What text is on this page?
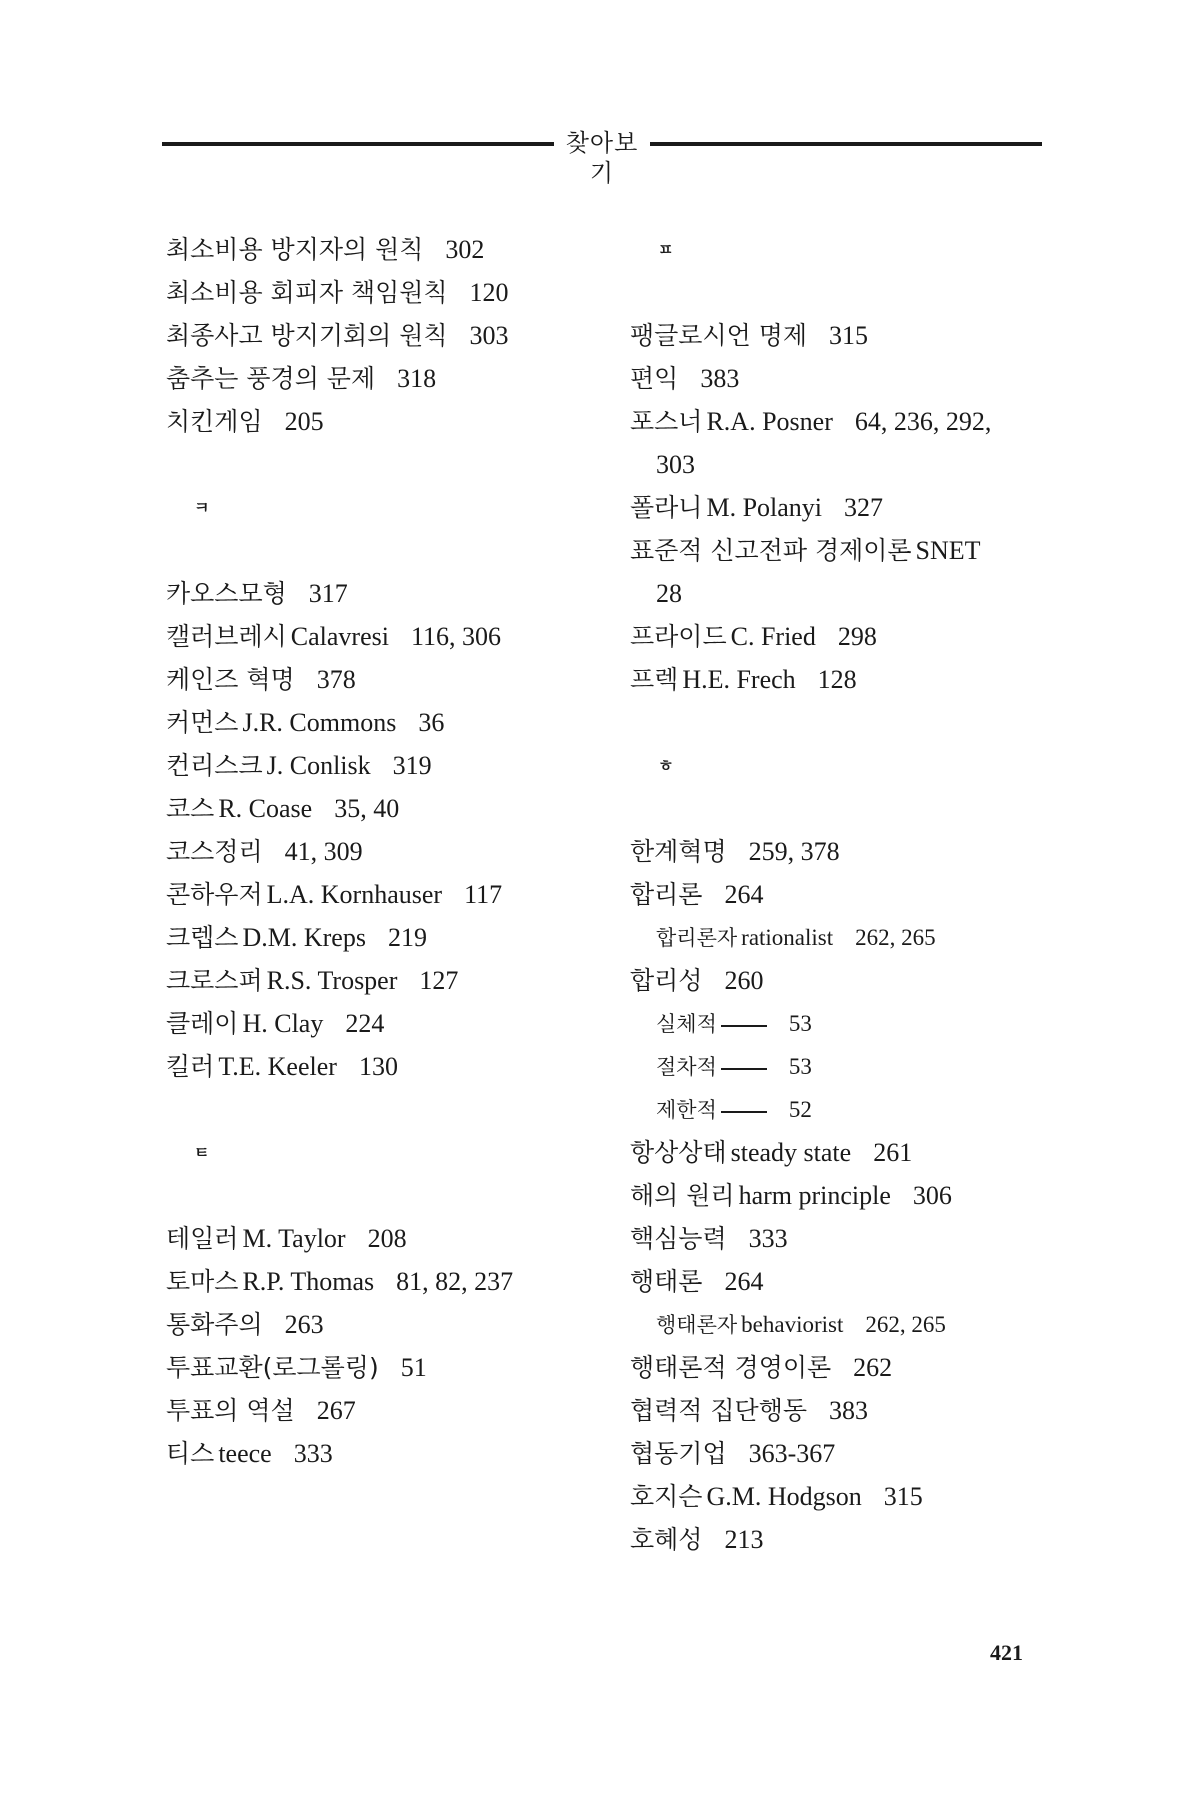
찾아보기
최소비용 방지자의 원칙 302
최소비용 회피자 책임원칙 120
최종사고 방지기회의 원칙 303
춤추는 풍경의 문제 318
치킨게임 205
ㅋ
카오스모형 317
캘러브레시 Calavresi 116, 306
케인즈 혁명 378
커먼스 J.R. Commons 36
컨리스크 J. Conlisk 319
코스 R. Coase 35, 40
코스정리 41, 309
콘하우저 L.A. Kornhauser 117
크렙스 D.M. Kreps 219
크로스퍼 R.S. Trosper 127
클레이 H. Clay 224
킬러 T.E. Keeler 130
ㅌ
테일러 M. Taylor 208
토마스 R.P. Thomas 81, 82, 237
통화주의 263
투표교환(로그롤링) 51
투표의 역설 267
티스 teece 333
ㅍ
팽글로시언 명제 315
편익 383
포스너 R.A. Posner 64, 236, 292,
303
폴라니 M. Polanyi 327
표준적 신고전파 경제이론 SNET
28
프라이드 C. Fried 298
프렉 H.E. Frech 128
ㅎ
한계혁명 259, 378
합리론 264
합리론자 rationalist 262, 265
합리성 260
실체적	53
절차적	53
제한적	52
항상상태 steady state 261
해의 원리 harm principle 306
핵심능력 333
행태론 264
행태론자 behaviorist 262, 265
행태론적 경영이론 262
협력적 집단행동 383
협동기업 363-367
호지슨 G.M. Hodgson 315
호혜성 213
421
